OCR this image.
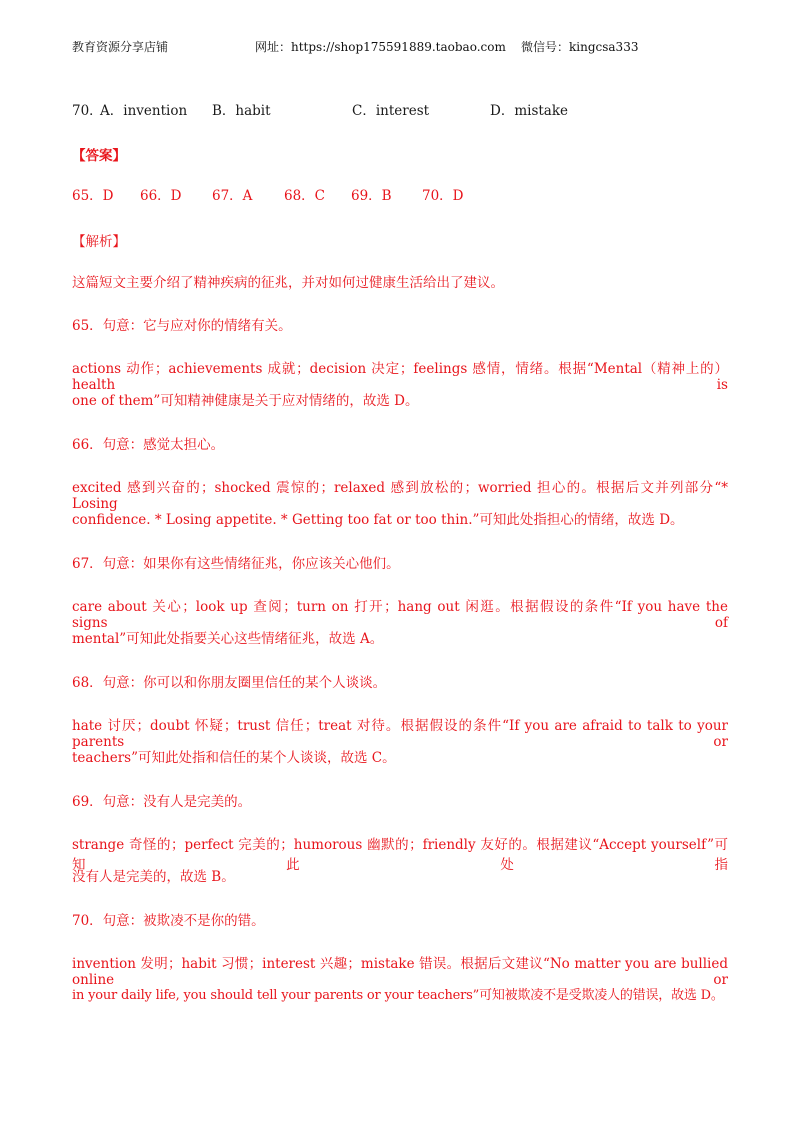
教育资源分享店铺	网址：https://shop175591889.taobao.com 微信号：kingcsa333
70．
A．invention B．habit	C．interest	D．mistake
【答案】
65．D 66．D 67．A 68．C 69．B 70．D
【解析】
这篇短文主要介绍了精神疾病的征兆，并对如何过健康生活给出了建议。
65．句意：它与应对你的情绪有关。
actions 动作；achievements 成就；decision 决定；feelings 感情，情绪。根据“Mental（精神上的）health is
one of them”可知精神健康是关于应对情绪的，故选 D。
66．句意：感觉太担心。
excited 感到兴奋的；shocked 震惊的；relaxed 感到放松的；worried 担心的。根据后文并列部分“* Losing
confidence. * Losing appetite. * Getting too fat or too thin.”可知此处指担心的情绪，故选 D。
67．句意：如果你有这些情绪征兆，你应该关心他们。
care about 关心；look up 查阅；turn on 打开；hang out 闲逛。根据假设的条件“If you have the signs of
mental”可知此处指要关心这些情绪征兆，故选 A。
68．句意：你可以和你朋友圈里信任的某个人谈谈。
hate 讨厌；doubt 怀疑；trust 信任；treat 对待。根据假设的条件“If you are afraid to talk to your parents or
teachers”可知此处指和信任的某个人谈谈，故选 C。
69．句意：没有人是完美的。
strange 奇怪的；perfect 完美的；humorous 幽默的；friendly 友好的。根据建议“Accept yourself”可知此处指
没有人是完美的，故选 B。
70．句意：被欺凌不是你的错。
invention 发明；habit 习惯；interest 兴趣；mistake 错误。根据后文建议“No matter you are bullied online or
in your daily life, you should tell your parents or your teachers”可知被欺凌不是受欺凌人的错误，故选 D。
